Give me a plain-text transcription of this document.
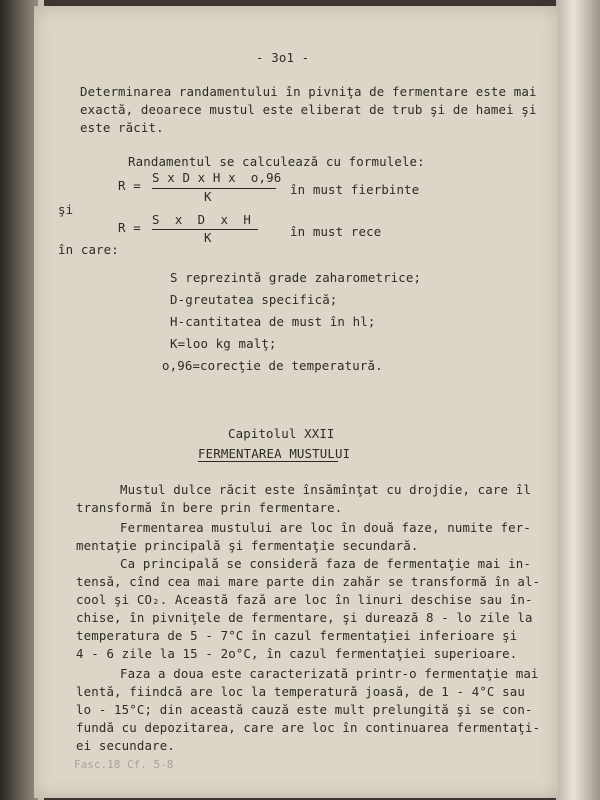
- 3o1 -
Determinarea randamentului în pivniţa de fermentare este mai
exactă, deoarece mustul este eliberat de trub şi de hamei şi
este răcit.
Randamentul se calculează cu formulele:
R =
S x D x H x  o,96
K	în must fierbinte
şi
R =
S  x  D  x  H
K	în must rece
în care:
S reprezintă grade zaharometrice;
D-greutatea specifică;
H-cantitatea de must în hl;
K=loo kg malţ;
o,96=corecţie de temperatură.
Capitolul XXII
FERMENTAREA MUSTULUI
Mustul dulce răcit este însămînţat cu drojdie, care îl
transformă în bere prin fermentare.
Fermentarea mustului are loc în două faze, numite fer-
mentaţie principală şi fermentaţie secundară.
Ca principală se consideră faza de fermentaţie mai in-
tensă, cînd cea mai mare parte din zahăr se transformă în al-
cool şi CO₂. Această fază are loc în linuri deschise sau în-
chise, în pivniţele de fermentare, şi durează 8 - lo zile la
temperatura de 5 - 7°C în cazul fermentaţiei inferioare şi
4 - 6 zile la 15 - 2o°C, în cazul fermentaţiei superioare.
Faza a doua este caracterizată printr-o fermentaţie mai
lentă, fiindcă are loc la temperatură joasă, de 1 - 4°C sau
lo - 15°C; din această cauză este mult prelungită şi se con-
fundă cu depozitarea, care are loc în continuarea fermentaţi-
ei secundare.
Fasc.18 Cf. 5-8
